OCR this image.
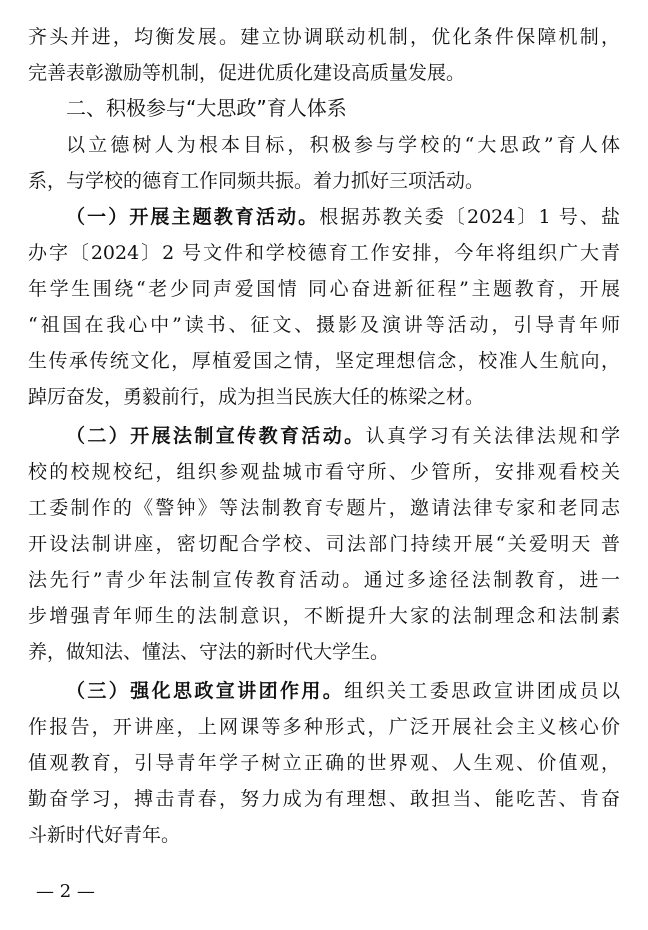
齐头并进，均衡发展。建立协调联动机制，优化条件保障机制，
完善表彰激励等机制，促进优质化建设高质量发展。
二、积极参与“大思政”育人体系
以立德树人为根本目标，积极参与学校的“大思政”育人体
系，与学校的德育工作同频共振。着力抓好三项活动。
（一）开展主题教育活动。根据苏教关委〔2024〕1 号、盐
办字〔2024〕2 号文件和学校德育工作安排，今年将组织广大青
年学生围绕“老少同声爱国情 同心奋进新征程”主题教育，开展
“祖国在我心中”读书、征文、摄影及演讲等活动，引导青年师
生传承传统文化，厚植爱国之情，坚定理想信念，校准人生航向，
踔厉奋发，勇毅前行，成为担当民族大任的栋梁之材。
（二）开展法制宣传教育活动。认真学习有关法律法规和学
校的校规校纪，组织参观盐城市看守所、少管所，安排观看校关
工委制作的《警钟》等法制教育专题片，邀请法律专家和老同志
开设法制讲座，密切配合学校、司法部门持续开展“关爱明天 普
法先行”青少年法制宣传教育活动。通过多途径法制教育，进一
步增强青年师生的法制意识，不断提升大家的法制理念和法制素
养，做知法、懂法、守法的新时代大学生。
（三）强化思政宣讲团作用。组织关工委思政宣讲团成员以
作报告，开讲座，上网课等多种形式，广泛开展社会主义核心价
值观教育，引导青年学子树立正确的世界观、人生观、价值观，
勤奋学习，搏击青春，努力成为有理想、敢担当、能吃苦、肯奋
斗新时代好青年。
— 2 —
